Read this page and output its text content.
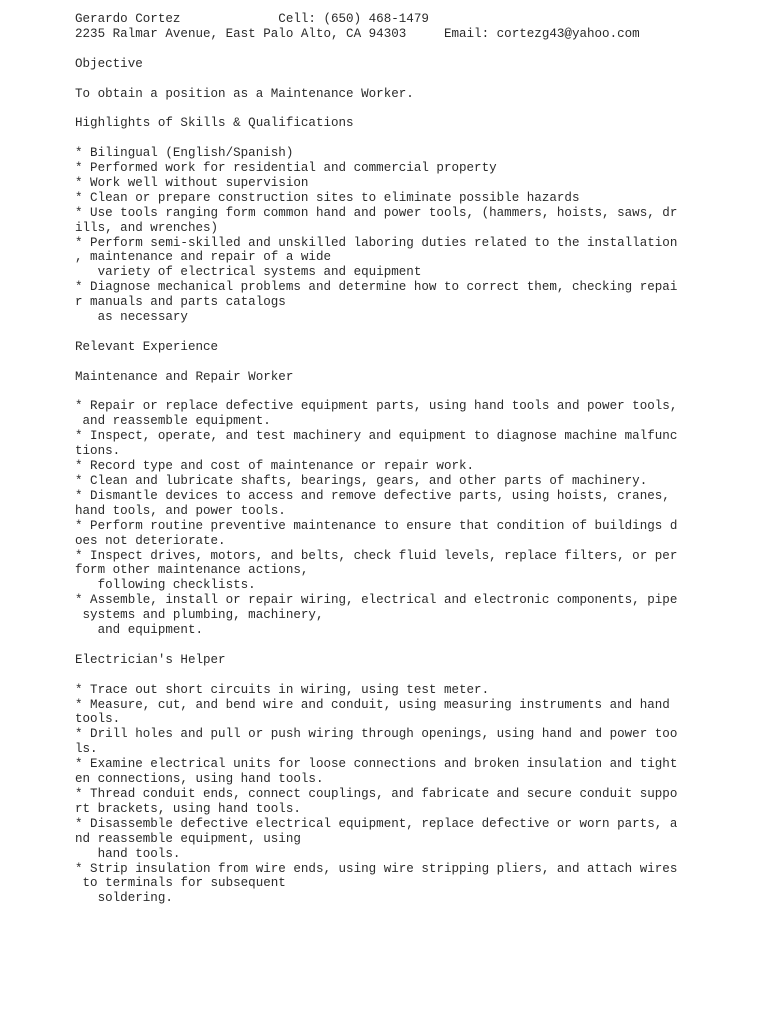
Gerardo Cortez             Cell: (650) 468-1479
2235 Ralmar Avenue, East Palo Alto, CA 94303     Email: cortezg43@yahoo.com
Objective
To obtain a position as a Maintenance Worker.
Highlights of Skills & Qualifications
* Bilingual (English/Spanish)
* Performed work for residential and commercial property
* Work well without supervision
* Clean or prepare construction sites to eliminate possible hazards
* Use tools ranging form common hand and power tools, (hammers, hoists, saws, dr
ills, and wrenches)
* Perform semi-skilled and unskilled laboring duties related to the installation
, maintenance and repair of a wide
variety of electrical systems and equipment
* Diagnose mechanical problems and determine how to correct them, checking repai
r manuals and parts catalogs
as necessary
Relevant Experience
Maintenance and Repair Worker
* Repair or replace defective equipment parts, using hand tools and power tools,
and reassemble equipment.
* Inspect, operate, and test machinery and equipment to diagnose machine malfunc
tions.
* Record type and cost of maintenance or repair work.
* Clean and lubricate shafts, bearings, gears, and other parts of machinery.
* Dismantle devices to access and remove defective parts, using hoists, cranes,
hand tools, and power tools.
* Perform routine preventive maintenance to ensure that condition of buildings d
oes not deteriorate.
* Inspect drives, motors, and belts, check fluid levels, replace filters, or per
form other maintenance actions,
following checklists.
* Assemble, install or repair wiring, electrical and electronic components, pipe
systems and plumbing, machinery,
and equipment.
Electrician's Helper
* Trace out short circuits in wiring, using test meter.
* Measure, cut, and bend wire and conduit, using measuring instruments and hand
tools.
* Drill holes and pull or push wiring through openings, using hand and power too
ls.
* Examine electrical units for loose connections and broken insulation and tight
en connections, using hand tools.
* Thread conduit ends, connect couplings, and fabricate and secure conduit suppo
rt brackets, using hand tools.
* Disassemble defective electrical equipment, replace defective or worn parts, a
nd reassemble equipment, using
hand tools.
* Strip insulation from wire ends, using wire stripping pliers, and attach wires
to terminals for subsequent
soldering.
